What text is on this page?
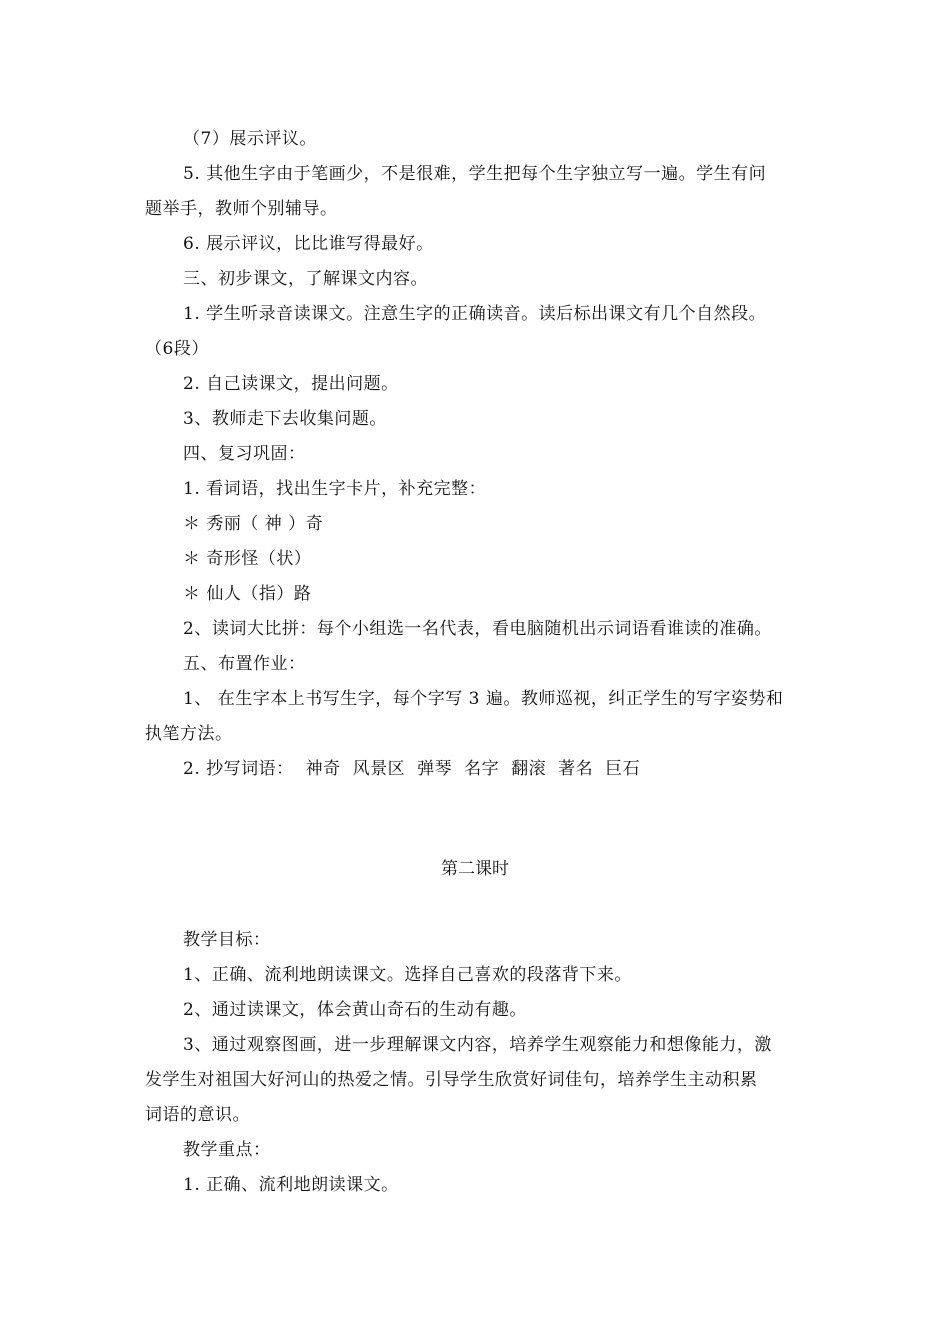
（7）展示评议。
5. 其他生字由于笔画少，不是很难，学生把每个生字独立写一遍。学生有问
题举手，教师个别辅导。
6. 展示评议，比比谁写得最好。
三、初步课文，了解课文内容。
1. 学生听录音读课文。注意生字的正确读音。读后标出课文有几个自然段。
（6段）
2. 自己读课文，提出问题。
3、教师走下去收集问题。
四、复习巩固：
1. 看词语，找出生字卡片，补充完整：
＊ 秀丽（ 神 ）奇
＊ 奇形怪（状）
＊ 仙人（指）路
2、读词大比拼：每个小组选一名代表，看电脑随机出示词语看谁读的准确。
五、布置作业：
1、 在生字本上书写生字，每个字写 3 遍。教师巡视，纠正学生的写字姿势和
执笔方法。
2. 抄写词语： 神奇 风景区 弹琴 名字 翻滚 著名 巨石
第二课时
教学目标：
1、正确、流利地朗读课文。选择自己喜欢的段落背下来。
2、通过读课文，体会黄山奇石的生动有趣。
3、通过观察图画，进一步理解课文内容，培养学生观察能力和想像能力，激
发学生对祖国大好河山的热爱之情。引导学生欣赏好词佳句，培养学生主动积累
词语的意识。
教学重点：
1. 正确、流利地朗读课文。
